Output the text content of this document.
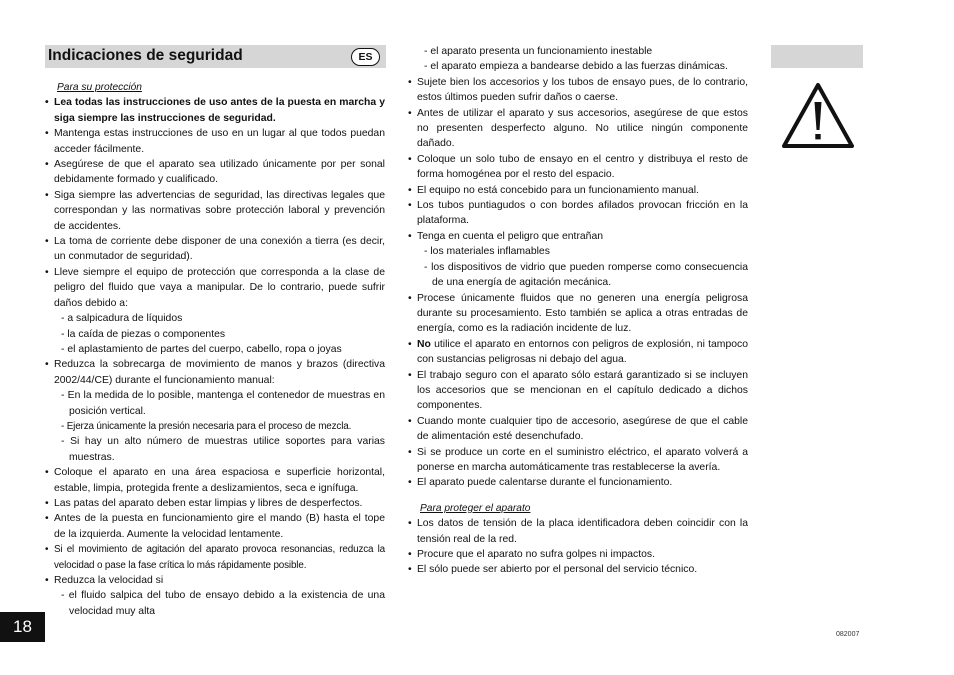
Indicaciones de seguridad	ES
Para su protección
• Lea todas las instrucciones de uso antes de la puesta en marcha y siga siempre las instrucciones de seguridad.
• Mantenga estas instrucciones de uso en un lugar al que todos puedan acceder fácilmente.
• Asegúrese de que el aparato sea utilizado únicamente por per sonal debidamente formado y cualificado.
• Siga siempre las advertencias de seguridad, las directivas legales que correspondan y las normativas sobre protección laboral y prevención de accidentes.
• La toma de corriente debe disponer de una conexión a tierra (es decir, un conmutador de seguridad).
• Lleve siempre el equipo de protección que corresponda a la clase de peligro del fluido que vaya a manipular. De lo contrario, puede sufrir daños debido a:
- a salpicadura de líquidos
- la caída de piezas o componentes
- el aplastamiento de partes del cuerpo, cabello, ropa o joyas
• Reduzca la sobrecarga de movimiento de manos y brazos (directiva 2002/44/CE) durante el funcionamiento manual:
- En la medida de lo posible, mantenga el contenedor de muestras en posición vertical.
- Ejerza únicamente la presión necesaria para el proceso de mezcla.
- Si hay un alto número de muestras utilice soportes para varias muestras.
• Coloque el aparato en una área espaciosa e superficie horizontal, estable, limpia, protegida frente a deslizamientos, seca e ignífuga.
• Las patas del aparato deben estar limpias y libres de desperfectos.
• Antes de la puesta en funcionamiento gire el mando (B) hasta el tope de la izquierda. Aumente la velocidad lentamente.
• Si el movimiento de agitación del aparato provoca resonancias, reduzca la velocidad o pase la fase crítica lo más rápidamente posible.
• Reduzca la velocidad si
- el fluido salpica del tubo de ensayo debido a la existencia de una velocidad muy alta
- el aparato presenta un funcionamiento inestable
- el aparato empieza a bandearse debido a las fuerzas dinámicas.
• Sujete bien los accesorios y los tubos de ensayo pues, de lo contrario, estos últimos pueden sufrir daños o caerse.
• Antes de utilizar el aparato y sus accesorios, asegúrese de que estos no presenten desperfecto alguno. No utilice ningún componente dañado.
• Coloque un solo tubo de ensayo en el centro y distribuya el resto de forma homogénea por el resto del espacio.
• El equipo no está concebido para un funcionamiento manual.
• Los tubos puntiagudos o con bordes afilados provocan fricción en la plataforma.
• Tenga en cuenta el peligro que entrañan
- los materiales inflamables
- los dispositivos de vidrio que pueden romperse como consecuencia de una energía de agitación mecánica.
• Procese únicamente fluidos que no generen una energía peligrosa durante su procesamiento. Esto también se aplica a otras entradas de energía, como es la radiación incidente de luz.
• No utilice el aparato en entornos con peligros de explosión, ni tampoco con sustancias peligrosas ni debajo del agua.
• El trabajo seguro con el aparato sólo estará garantizado si se incluyen los accesorios que se mencionan en el capítulo dedicado a dichos componentes.
• Cuando monte cualquier tipo de accesorio, asegúrese de que el cable de alimentación esté desenchufado.
• Si se produce un corte en el suministro eléctrico, el aparato volverá a ponerse en marcha automáticamente tras restablecerse la avería.
• El aparato puede calentarse durante el funcionamiento.
Para proteger el aparato
• Los datos de tensión de la placa identificadora deben coincidir con la tensión real de la red.
• Procure que el aparato no sufra golpes ni impactos.
• El sólo puede ser abierto por el personal del servicio técnico.
18	082007
